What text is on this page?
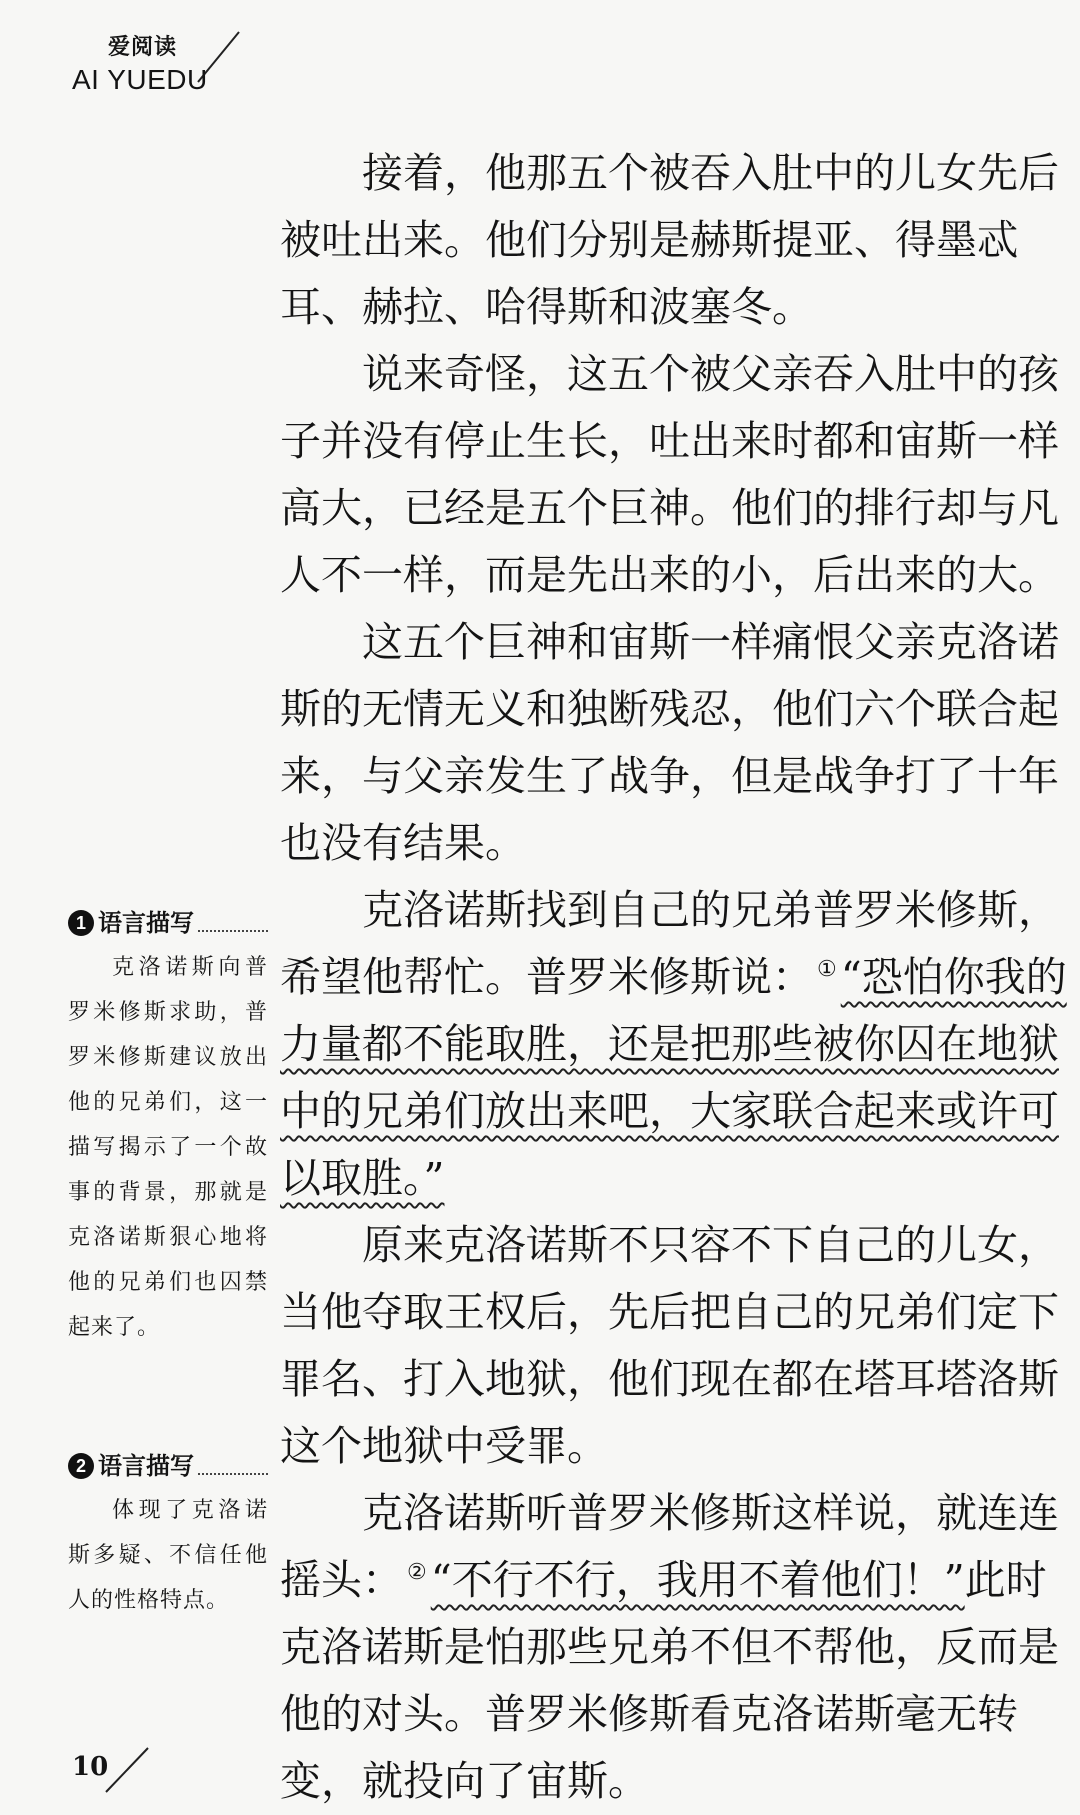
爱阅读
AI YUEDU

接着，他那五个被吞入肚中的儿女先后被吐出来。他们分别是赫斯提亚、得墨忒耳、赫拉、哈得斯和波塞冬。

说来奇怪，这五个被父亲吞入肚中的孩子并没有停止生长，吐出来时都和宙斯一样高大，已经是五个巨神。他们的排行却与凡人不一样，而是先出来的小，后出来的大。

这五个巨神和宙斯一样痛恨父亲克洛诺斯的无情无义和独断残忍，他们六个联合起来，与父亲发生了战争，但是战争打了十年也没有结果。

克洛诺斯找到自己的兄弟普罗米修斯，希望他帮忙。普罗米修斯说： ①“恐怕你我的力量都不能取胜，还是把那些被你囚在地狱中的兄弟们放出来吧，大家联合起来或许可以取胜。”

原来克洛诺斯不只容不下自己的儿女，当他夺取王权后，先后把自己的兄弟们定下罪名、打入地狱，他们现在都在塔耳塔洛斯这个地狱中受罪。

克洛诺斯听普罗米修斯这样说，就连连摇头： ②“不行不行，我用不着他们！”此时克洛诺斯是怕那些兄弟不但不帮他，反而是他的对头。普罗米修斯看克洛诺斯毫无转变，就投向了宙斯。

1 语言描写
克洛诺斯向普罗米修斯求助，普罗米修斯建议放出他的兄弟们，这一描写揭示了一个故事的背景，那就是克洛诺斯狠心地将他的兄弟们也囚禁起来了。
2 语言描写
体现了克洛诺斯多疑、不信任他人的性格特点。
10
